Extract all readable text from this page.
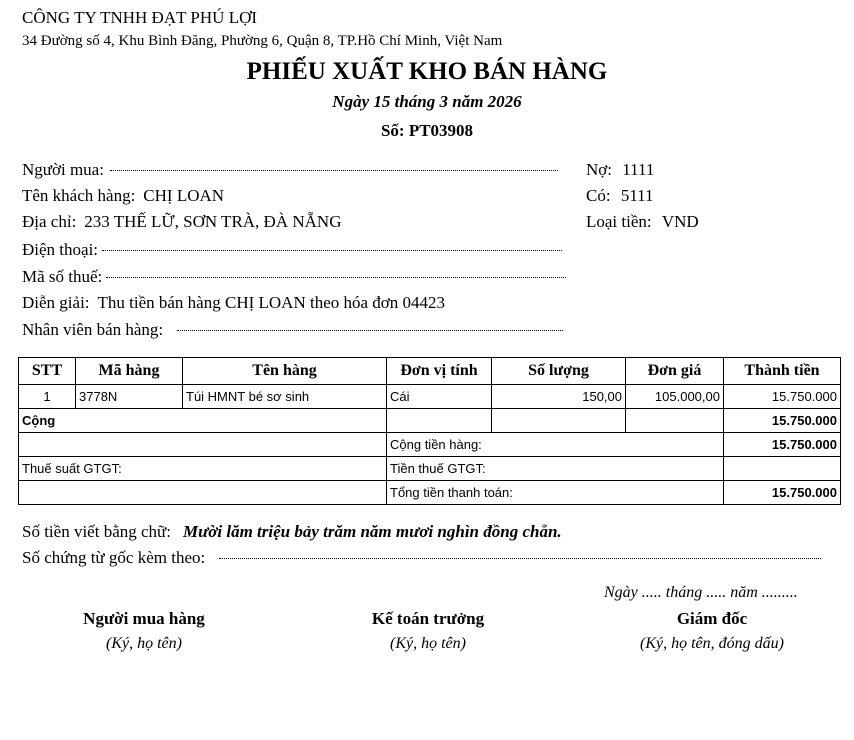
CÔNG TY TNHH ĐẠT PHÚ LỢI
34 Đường số 4, Khu Bình Đăng, Phường 6, Quận 8, TP.Hồ Chí Minh, Việt Nam
PHIẾU XUẤT KHO BÁN HÀNG
Ngày 15 tháng 3 năm 2026
Số: PT03908
Người mua:
Tên khách hàng: CHỊ LOAN
Địa chỉ: 233 THẾ LỮ, SƠN TRÀ, ĐÀ NẴNG
Điện thoại:
Mã số thuế:
Diễn giải: Thu tiền bán hàng CHỊ LOAN theo hóa đơn 04423
Nhân viên bán hàng:
Nợ: 1111
Có: 5111
Loại tiền: VND
STT	Mã hàng	Tên hàng	Đơn vị tính	Số lượng	Đơn giá	Thành tiền
1	3778N	Túi HMNT bé sơ sinh	Cái	150,00	105.000,00	15.750.000
Cộng						15.750.000
			Cộng tiền hàng:			15.750.000
Thuế suất GTGT:			Tiền thuế GTGT:			
			Tổng tiền thanh toán:			15.750.000
Số tiền viết bằng chữ: Mười lăm triệu bảy trăm năm mươi nghìn đồng chẵn.
Số chứng từ gốc kèm theo:
Ngày ..... tháng ..... năm .........
Người mua hàng
(Ký, họ tên)
Kế toán trưởng
(Ký, họ tên)
Giám đốc
(Ký, họ tên, đóng dấu)
